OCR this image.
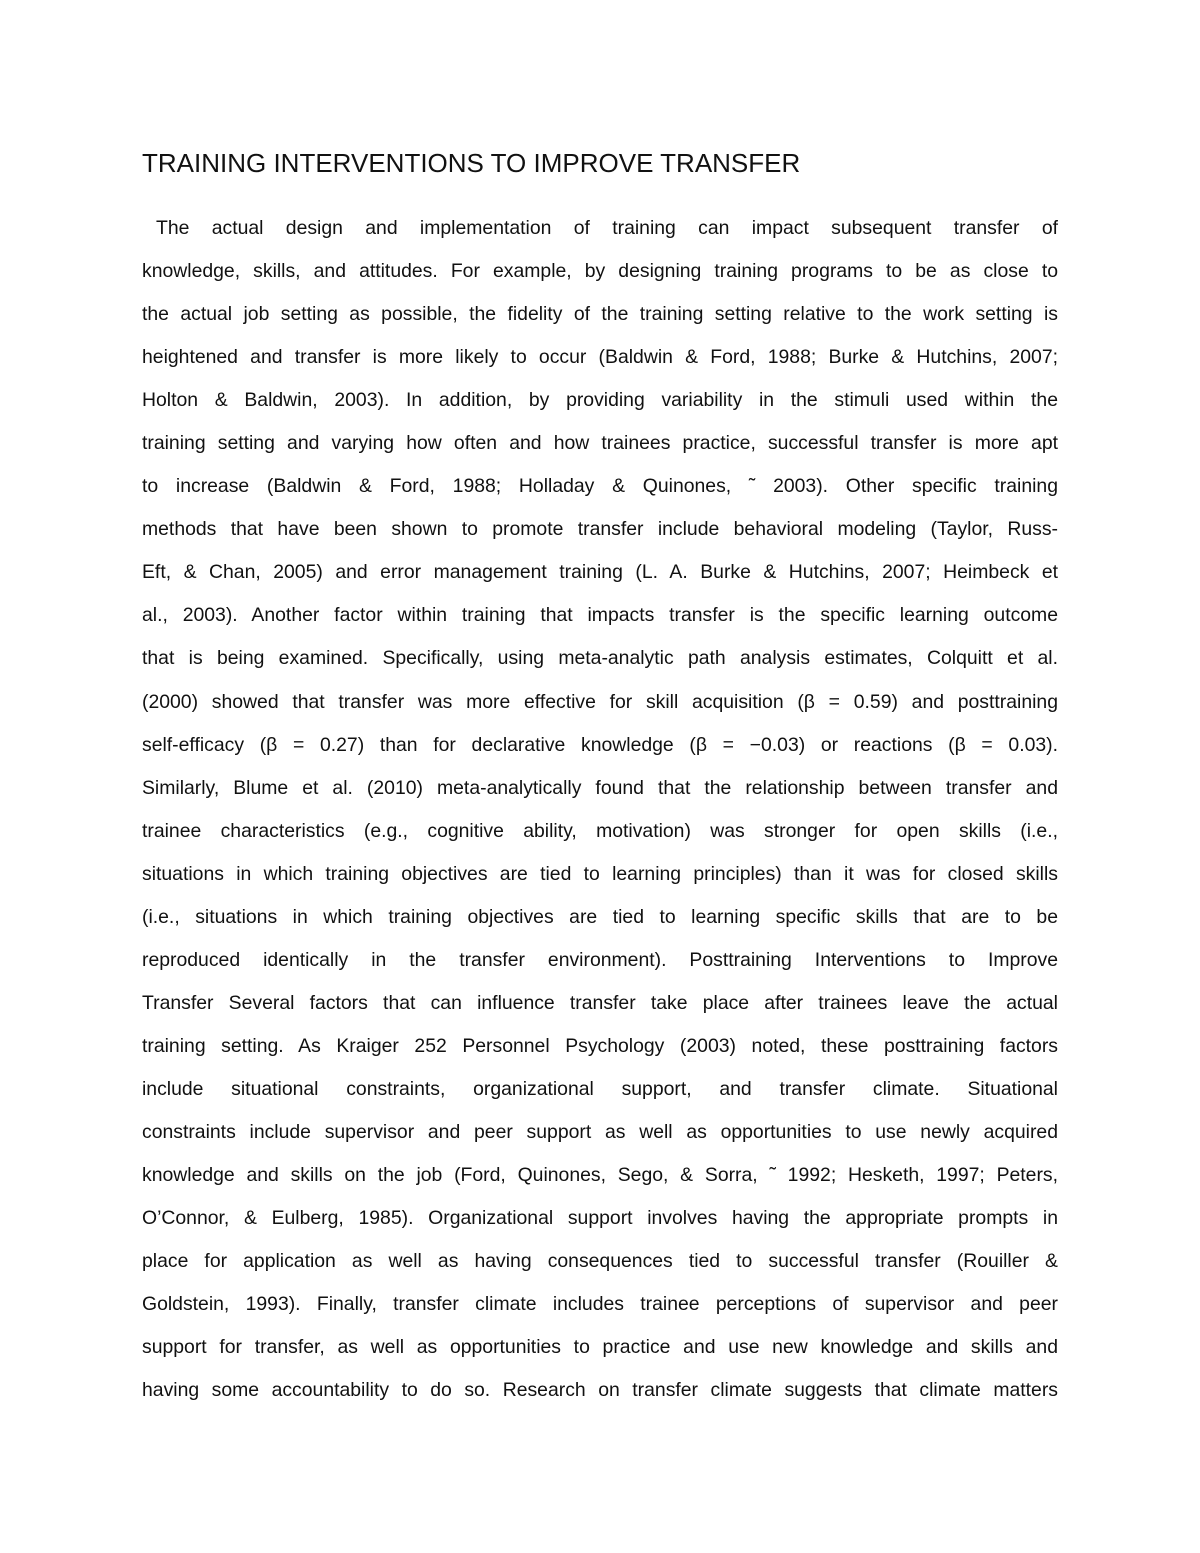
TRAINING INTERVENTIONS TO IMPROVE TRANSFER
The actual design and implementation of training can impact subsequent transfer of
knowledge, skills, and attitudes. For example, by designing training programs to be as close to
the actual job setting as possible, the fidelity of the training setting relative to the work setting is
heightened and transfer is more likely to occur (Baldwin & Ford, 1988; Burke & Hutchins, 2007;
Holton & Baldwin, 2003). In addition, by providing variability in the stimuli used within the
training setting and varying how often and how trainees practice, successful transfer is more apt
to increase (Baldwin & Ford, 1988; Holladay & Quinones, ˜ 2003). Other specific training
methods that have been shown to promote transfer include behavioral modeling (Taylor, Russ-
Eft, & Chan, 2005) and error management training (L. A. Burke & Hutchins, 2007; Heimbeck et
al., 2003). Another factor within training that impacts transfer is the specific learning outcome
that is being examined. Specifically, using meta-analytic path analysis estimates, Colquitt et al.
(2000) showed that transfer was more effective for skill acquisition (β = 0.59) and posttraining
self-efficacy (β = 0.27) than for declarative knowledge (β = −0.03) or reactions (β = 0.03).
Similarly, Blume et al. (2010) meta-analytically found that the relationship between transfer and
trainee characteristics (e.g., cognitive ability, motivation) was stronger for open skills (i.e.,
situations in which training objectives are tied to learning principles) than it was for closed skills
(i.e., situations in which training objectives are tied to learning specific skills that are to be
reproduced identically in the transfer environment). Posttraining Interventions to Improve
Transfer Several factors that can influence transfer take place after trainees leave the actual
training setting. As Kraiger 252 Personnel Psychology (2003) noted, these posttraining factors
include situational constraints, organizational support, and transfer climate. Situational
constraints include supervisor and peer support as well as opportunities to use newly acquired
knowledge and skills on the job (Ford, Quinones, Sego, & Sorra, ˜ 1992; Hesketh, 1997; Peters,
O’Connor, & Eulberg, 1985). Organizational support involves having the appropriate prompts in
place for application as well as having consequences tied to successful transfer (Rouiller &
Goldstein, 1993). Finally, transfer climate includes trainee perceptions of supervisor and peer
support for transfer, as well as opportunities to practice and use new knowledge and skills and
having some accountability to do so. Research on transfer climate suggests that climate matters
